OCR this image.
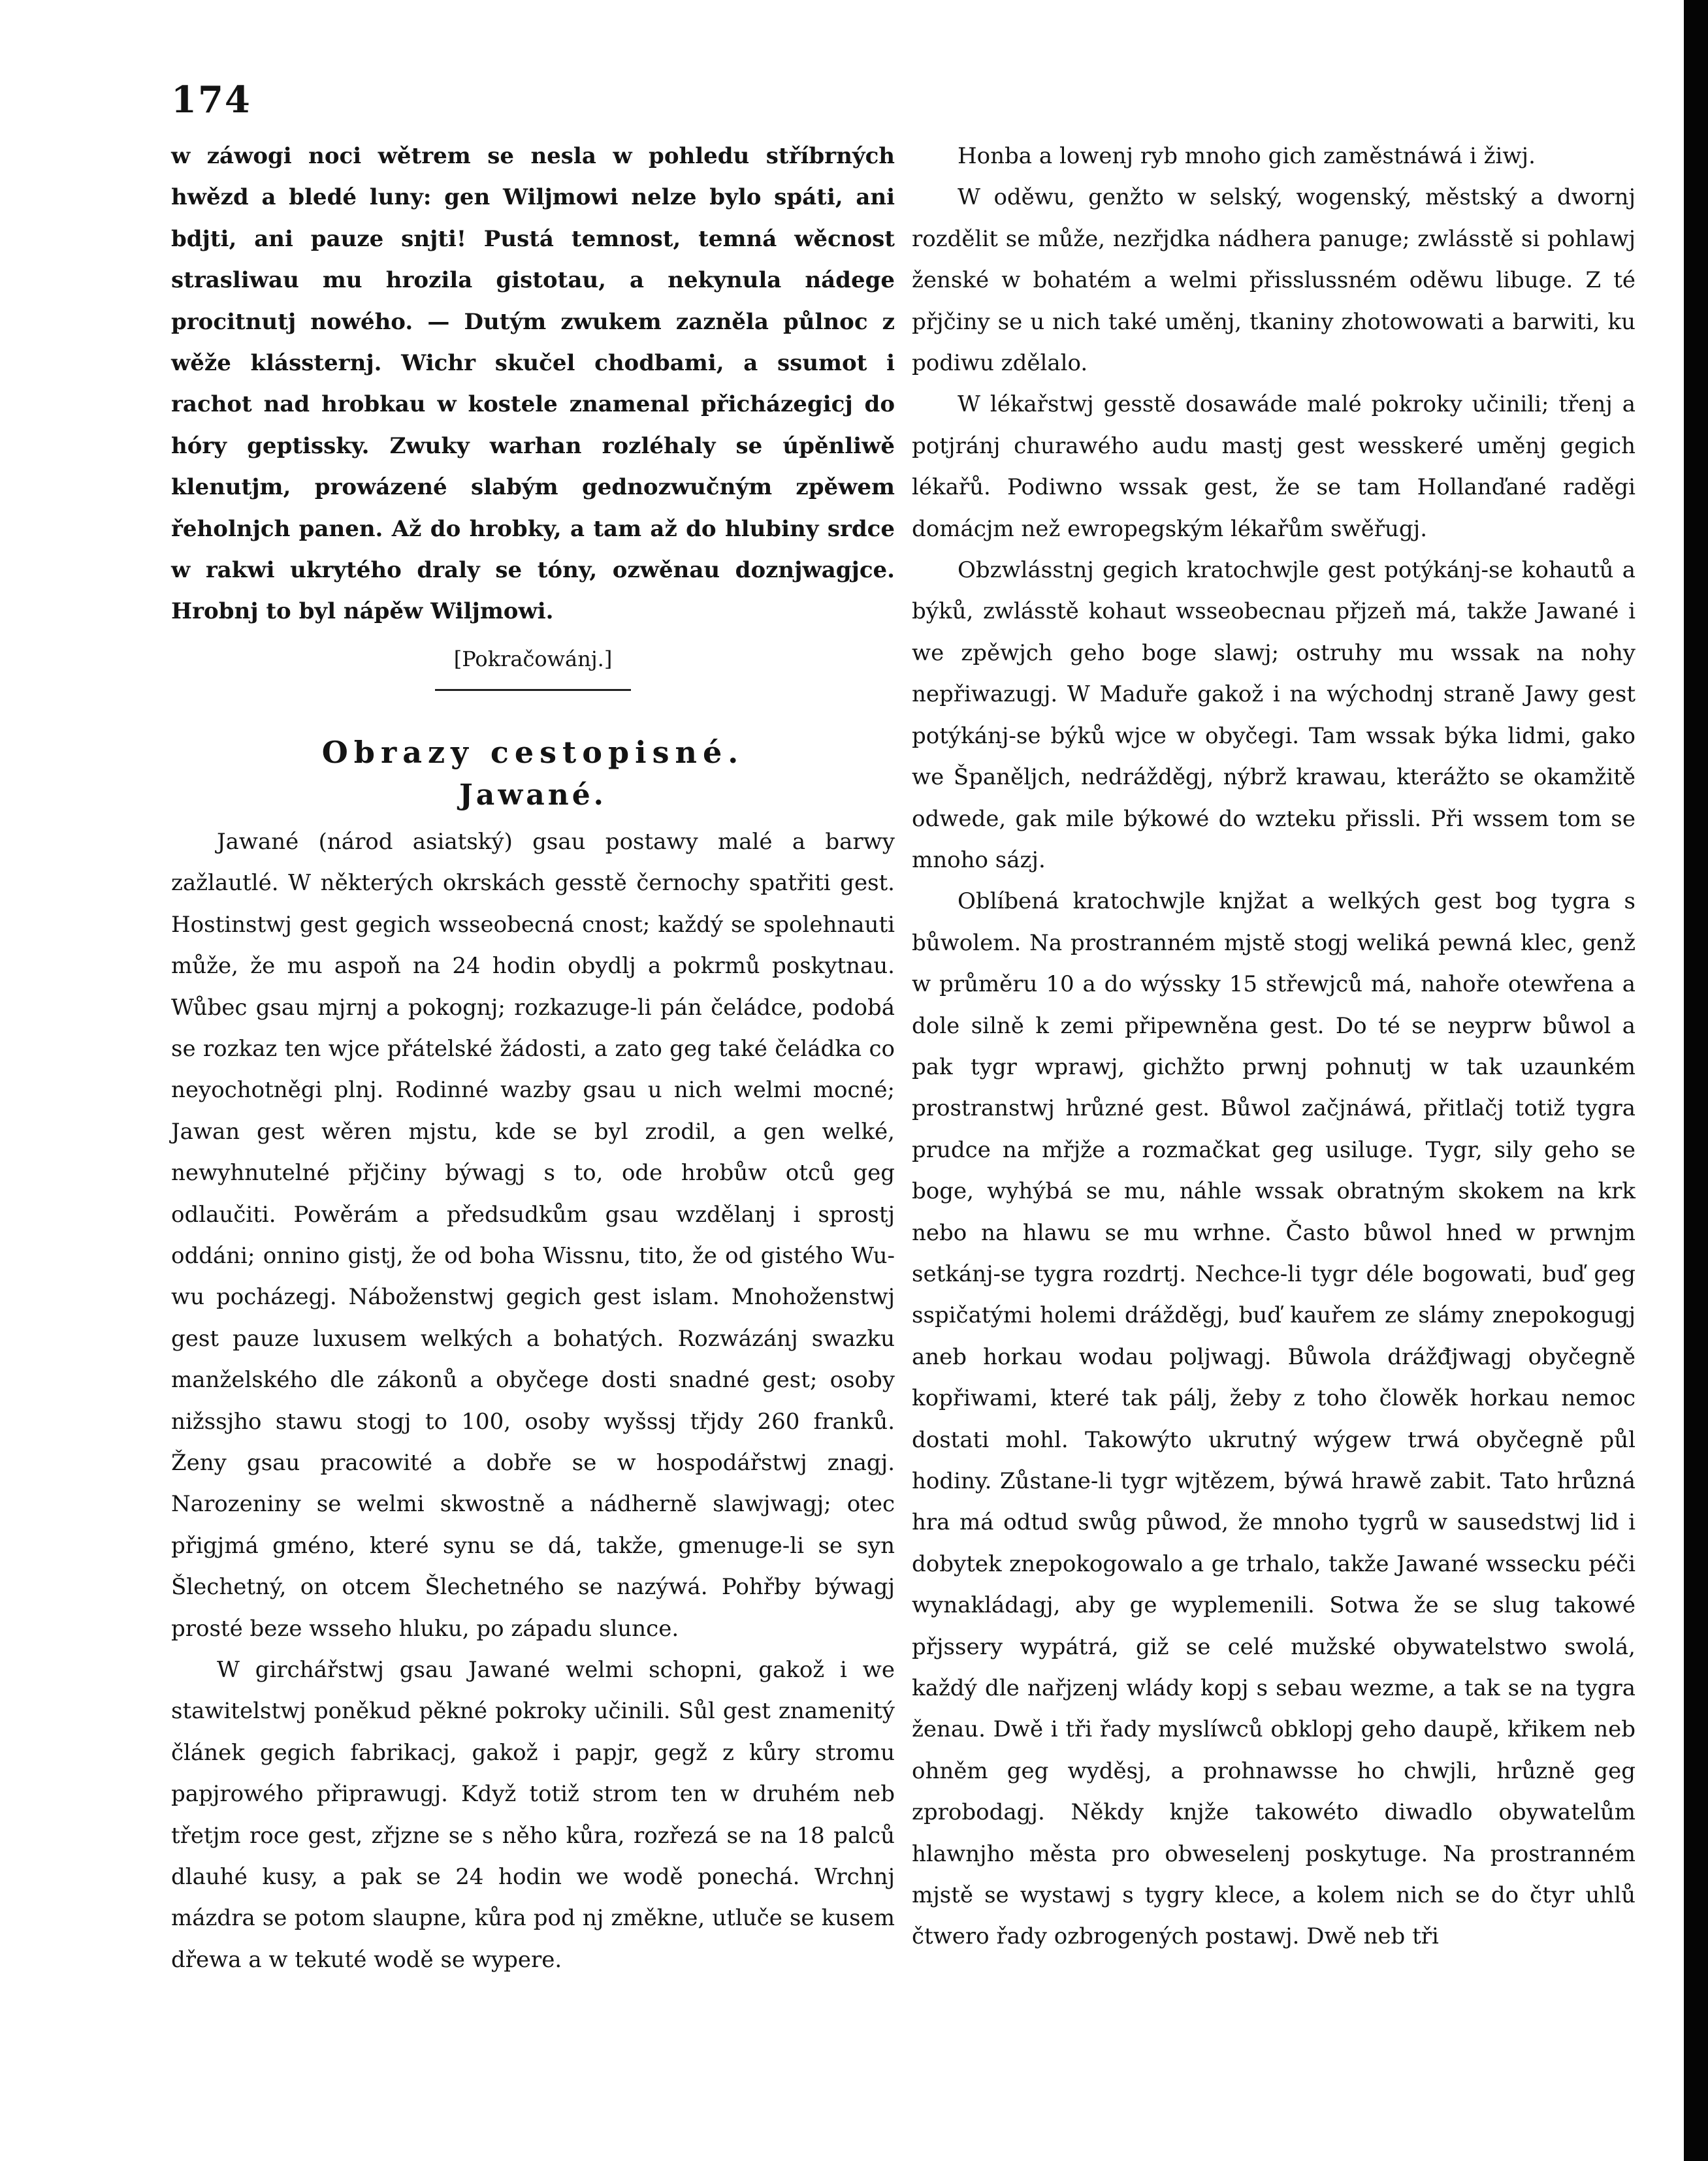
174

w záwogi noci wětrem se nesla w pohledu stříbrných hwězd a bledé luny: gen Wiljmowi nelze bylo spáti, ani bdjti, ani pauze snjti! Pustá temnost, temná wěcnost strasliwau mu hrozila gistotau, a nekynula nádege procitnutj nowého. — Dutým zwukem zazněla půlnoc z wěže klássternj. Wichr skučel chodbami, a ssumot i rachot nad hrobkau w kostele znamenal přicházegicj do hóry geptissky. Zwuky warhan rozléhaly se úpěnliwě klenutjm, prowázené slabým gednozwučným zpěwem řeholnjch panen. Až do hrobky, a tam až do hlubiny srdce w rakwi ukrytého draly se tóny, ozwěnau doznjwagjce. Hrobnj to byl nápěw Wiljmowi.

[Pokračowánj.]

Obrazy cestopisné.
Jawané.

Jawané (národ asiatský) gsau postawy malé a barwy zažlautlé. W některých okrskách gesstě černochy spatřiti gest. Hostinstwj gest gegich wsseobecná cnost; každý se spolehnauti může, že mu aspoň na 24 hodin obydlj a pokrmů poskytnau. Wůbec gsau mjrnj a pokognj; rozkazuge-li pán čeládce, podobá se rozkaz ten wjce přátelské žádosti, a zato geg také čeládka co neyochotněgi plnj. Rodinné wazby gsau u nich welmi mocné; Jawan gest wěren mjstu, kde se byl zrodil, a gen welké, newyhnutelné přjčiny býwagj s to, ode hrobůw otců geg odlaučiti. Powěrám a předsudkům gsau wzdělanj i sprostj oddáni; onnino gistj, že od boha Wissnu, tito, že od gistého Wu-wu pocházegj. Náboženstwj gegich gest islam. Mnohoženstwj gest pauze luxusem welkých a bohatých. Rozwázánj swazku manželského dle zákonů a obyčege dosti snadné gest; osoby nižssjho stawu stogj to 100, osoby wyšssj třjdy 260 franků. Ženy gsau pracowité a dobře se w hospodářstwj znagj. Narozeniny se welmi skwostně a nádherně slawjwagj; otec přigjmá gméno, které synu se dá, takže, gmenuge-li se syn Šlechetný, on otcem Šlechetného se nazýwá. Pohřby býwagj prosté beze wsseho hluku, po západu slunce.

W girchářstwj gsau Jawané welmi schopni, gakož i we stawitelstwj poněkud pěkné pokroky učinili. Sůl gest znamenitý článek gegich fabrikacj, gakož i papjr, gegž z kůry stromu papjrowého připrawugj. Když totiž strom ten w druhém neb třetjm roce gest, zřjzne se s něho kůra, rozřezá se na 18 palců dlauhé kusy, a pak se 24 hodin we wodě ponechá. Wrchnj mázdra se potom slaupne, kůra pod nj změkne, utluče se kusem dřewa a w tekuté wodě se wypere.

Honba a lowenj ryb mnoho gich zaměstnáwá i žiwj.

W oděwu, genžto w selský, wogenský, městský a dwornj rozdělit se může, nezřjdka nádhera panuge; zwlásstě si pohlawj ženské w bohatém a welmi přisslussném oděwu libuge. Z té přjčiny se u nich také uměnj, tkaniny zhotowowati a barwiti, ku podiwu zdělalo.

W lékařstwj gesstě dosawáde malé pokroky učinili; třenj a potjránj churawého audu mastj gest wesskeré uměnj gegich lékařů. Podiwno wssak gest, že se tam Hollanďané raděgi domácjm než ewropegským lékařům swěřugj.

Obzwlásstnj gegich kratochwjle gest potýkánj-se kohautů a býků, zwlásstě kohaut wsseobecnau přjzeň má, takže Jawané i we zpěwjch geho boge slawj; ostruhy mu wssak na nohy nepřiwazugj. W Maduře gakož i na wýchodnj straně Jawy gest potýkánj-se býků wjce w obyčegi. Tam wssak býka lidmi, gako we Španěljch, nedrážděgj, nýbrž krawau, kterážto se okamžitě odwede, gak mile býkowé do wzteku přissli. Při wssem tom se mnoho sázj.

Oblíbená kratochwjle knjžat a welkých gest bog tygra s bůwolem. Na prostranném mjstě stogj weliká pewná klec, genž w průměru 10 a do wýssky 15 střewjců má, nahoře otewřena a dole silně k zemi připewněna gest. Do té se neyprw bůwol a pak tygr wprawj, gichžto prwnj pohnutj w tak uzaunkém prostranstwj hrůzné gest. Bůwol začjnáwá, přitlačj totiž tygra prudce na mřjže a rozmačkat geg usiluge. Tygr, sily geho se boge, wyhýbá se mu, náhle wssak obratným skokem na krk nebo na hlawu se mu wrhne. Často bůwol hned w prwnjm setkánj-se tygra rozdrtj. Nechce-li tygr déle bogowati, buď geg sspičatými holemi drážděgj, buď kauřem ze slámy znepokogugj aneb horkau wodau poljwagj. Bůwola drážđjwagj obyčegně kopřiwami, které tak pálj, žeby z toho člowěk horkau nemoc dostati mohl. Takowýto ukrutný wýgew trwá obyčegně půl hodiny. Zůstane-li tygr wjtězem, býwá hrawě zabit. Tato hrůzná hra má odtud swůg půwod, že mnoho tygrů w sausedstwj lid i dobytek znepokogowalo a ge trhalo, takže Jawané wssecku péči wynakládagj, aby ge wyplemenili. Sotwa že se slug takowé přjssery wypátrá, giž se celé mužské obywatelstwo swolá, každý dle nařjzenj wlády kopj s sebau wezme, a tak se na tygra ženau. Dwě i tři řady myslíwců obklopj geho daupě, křikem neb ohněm geg wyděsj, a prohnawsse ho chwjli, hrůzně geg zprobodagj. Někdy knjže takowéto diwadlo obywatelům hlawnjho města pro obweselenj poskytuge. Na prostranném mjstě se wystawj s tygry klece, a kolem nich se do čtyr uhlů čtwero řady ozbrogených postawj. Dwě neb tři
